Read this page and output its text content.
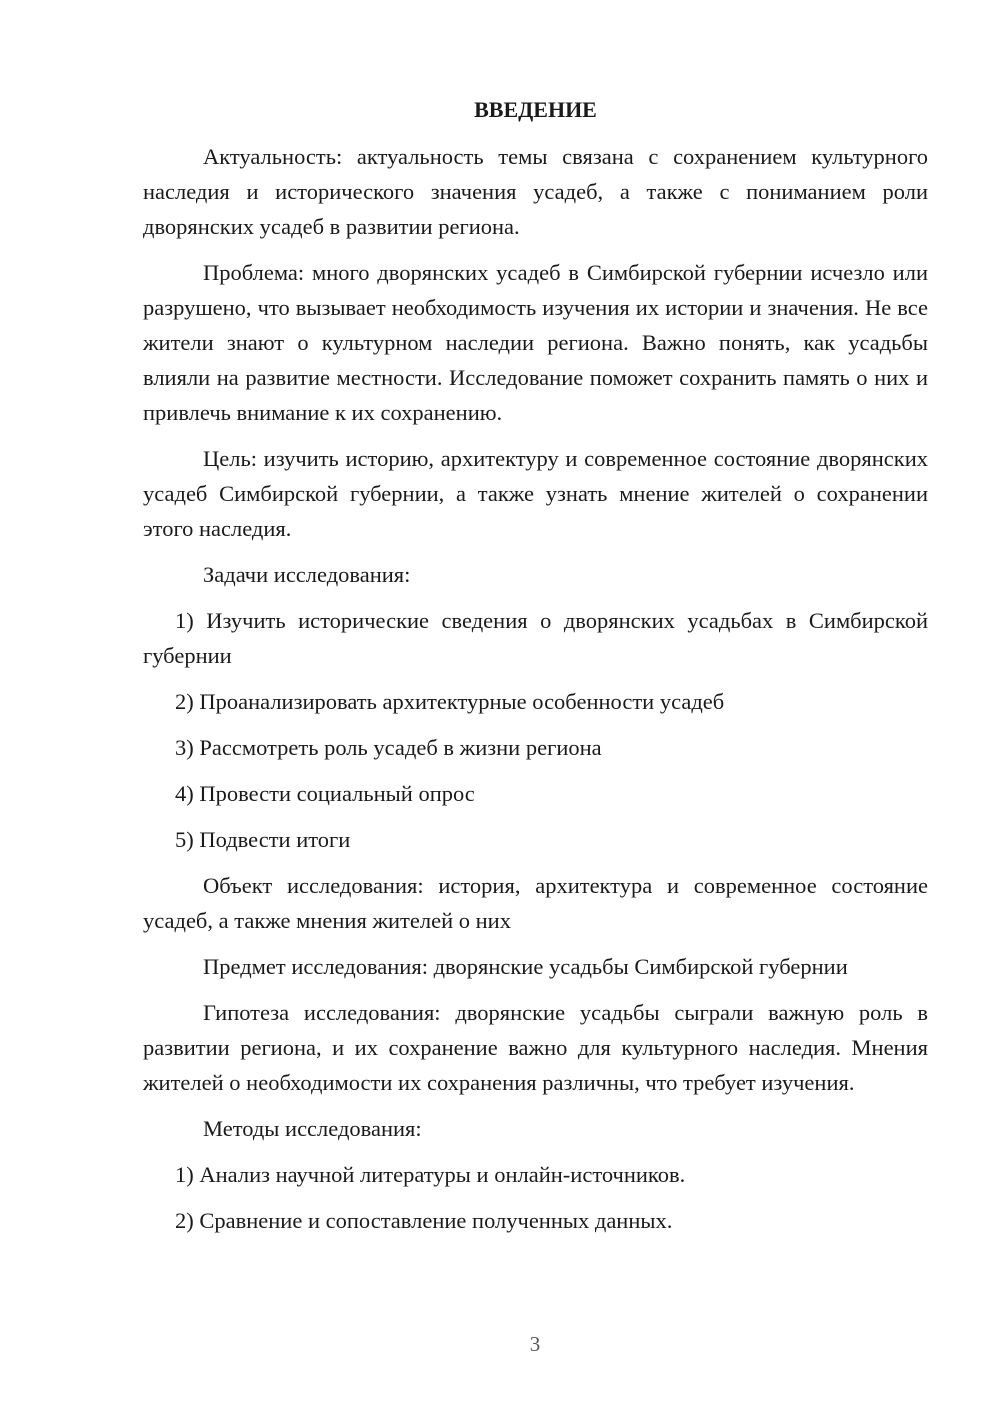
ВВЕДЕНИЕ

Актуальность: актуальность темы связана с сохранением культурного наследия и исторического значения усадеб, а также с пониманием роли дворянских усадеб в развитии региона.

Проблема: много дворянских усадеб в Симбирской губернии исчезло или разрушено, что вызывает необходимость изучения их истории и значения. Не все жители знают о культурном наследии региона. Важно понять, как усадьбы влияли на развитие местности. Исследование поможет сохранить память о них и привлечь внимание к их сохранению.

Цель: изучить историю, архитектуру и современное состояние дворянских усадеб Симбирской губернии, а также узнать мнение жителей о сохранении этого наследия.

Задачи исследования:

1) Изучить исторические сведения о дворянских усадьбах в Симбирской губернии

2) Проанализировать архитектурные особенности усадеб

3) Рассмотреть роль усадеб в жизни региона

4) Провести социальный опрос

5) Подвести итоги

Объект исследования: история, архитектура и современное состояние усадеб, а также мнения жителей о них

Предмет исследования: дворянские усадьбы Симбирской губернии

Гипотеза исследования: дворянские усадьбы сыграли важную роль в развитии региона, и их сохранение важно для культурного наследия. Мнения жителей о необходимости их сохранения различны, что требует изучения.

Методы исследования:

1) Анализ научной литературы и онлайн-источников.

2) Сравнение и сопоставление полученных данных.

3
